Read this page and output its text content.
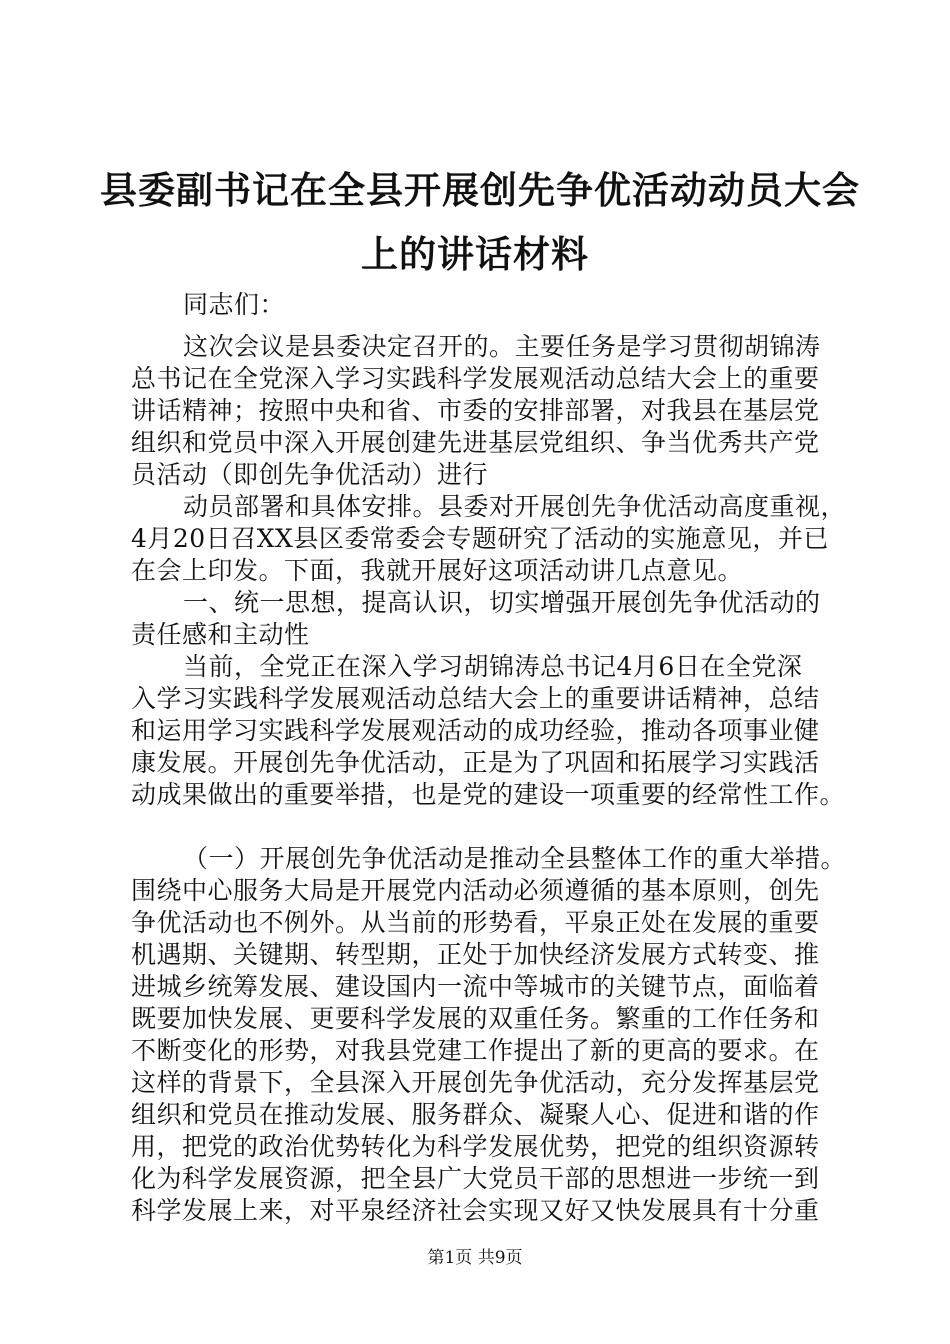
县委副书记在全县开展创先争优活动动员大会
上的讲话材料
同志们：
这次会议是县委决定召开的。主要任务是学习贯彻胡锦涛
总书记在全党深入学习实践科学发展观活动总结大会上的重要
讲话精神；按照中央和省、市委的安排部署，对我县在基层党
组织和党员中深入开展创建先进基层党组织、争当优秀共产党
员活动（即创先争优活动）进行
动员部署和具体安排。县委对开展创先争优活动高度重视，
4月20日召XX县区委常委会专题研究了活动的实施意见，并已
在会上印发。下面，我就开展好这项活动讲几点意见。
一、统一思想，提高认识，切实增强开展创先争优活动的
责任感和主动性
当前，全党正在深入学习胡锦涛总书记4月6日在全党深
入学习实践科学发展观活动总结大会上的重要讲话精神，总结
和运用学习实践科学发展观活动的成功经验，推动各项事业健
康发展。开展创先争优活动，正是为了巩固和拓展学习实践活
动成果做出的重要举措，也是党的建设一项重要的经常性工作。
（一）开展创先争优活动是推动全县整体工作的重大举措。
围绕中心服务大局是开展党内活动必须遵循的基本原则，创先
争优活动也不例外。从当前的形势看，平泉正处在发展的重要
机遇期、关键期、转型期，正处于加快经济发展方式转变、推
进城乡统筹发展、建设国内一流中等城市的关键节点，面临着
既要加快发展、更要科学发展的双重任务。繁重的工作任务和
不断变化的形势，对我县党建工作提出了新的更高的要求。在
这样的背景下，全县深入开展创先争优活动，充分发挥基层党
组织和党员在推动发展、服务群众、凝聚人心、促进和谐的作
用，把党的政治优势转化为科学发展优势，把党的组织资源转
化为科学发展资源，把全县广大党员干部的思想进一步统一到
科学发展上来，对平泉经济社会实现又好又快发展具有十分重
第1页 共9页
